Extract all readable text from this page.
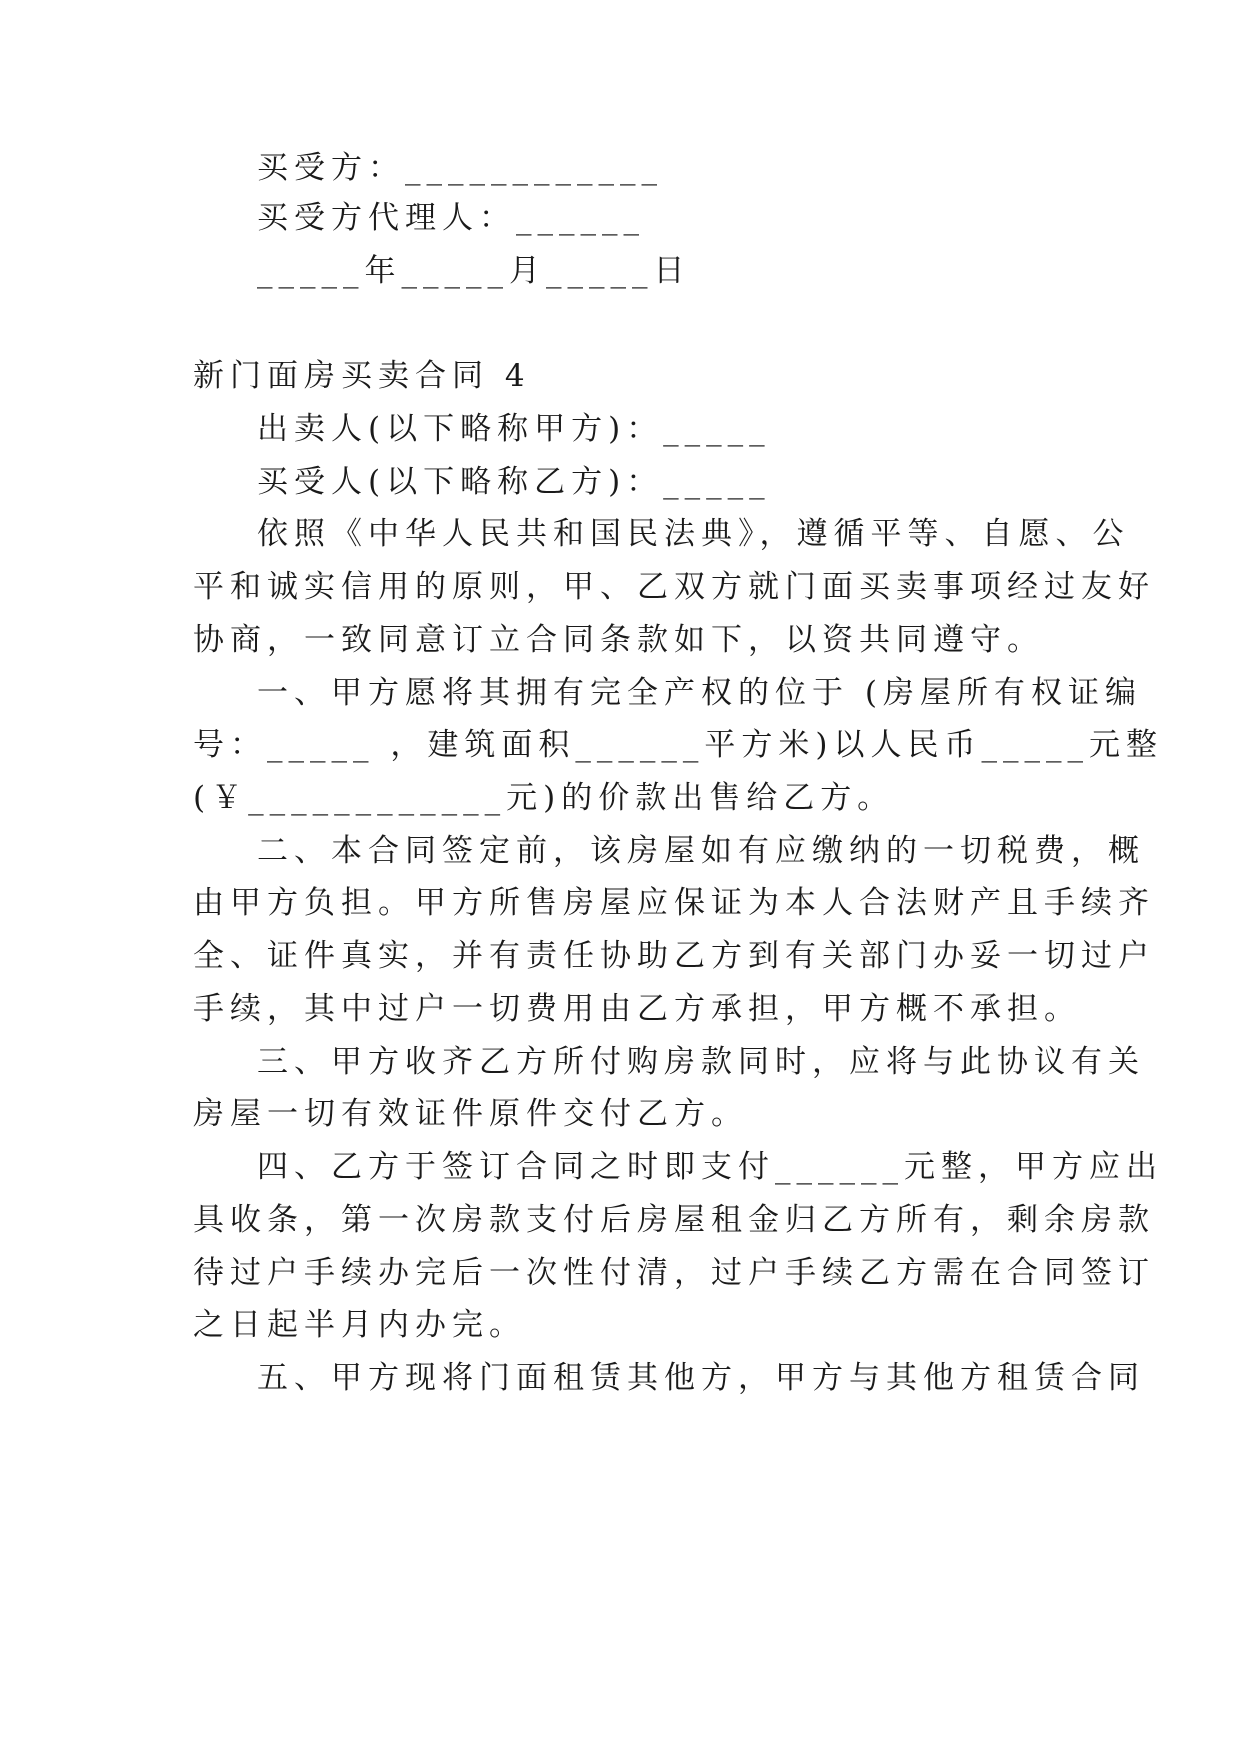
买受方：____________
买受方代理人：______
_____年_____月_____日
新门面房买卖合同 4
出卖人(以下略称甲方)：_____
买受人(以下略称乙方)：_____
依照《中华人民共和国民法典》，遵循平等、自愿、公
平和诚实信用的原则，甲、乙双方就门面买卖事项经过友好
协商，一致同意订立合同条款如下，以资共同遵守。
一、甲方愿将其拥有完全产权的位于 (房屋所有权证编
号：_____ ，建筑面积______平方米)以人民币_____元整
(￥____________元)的价款出售给乙方。
二、本合同签定前，该房屋如有应缴纳的一切税费，概
由甲方负担。甲方所售房屋应保证为本人合法财产且手续齐
全、证件真实，并有责任协助乙方到有关部门办妥一切过户
手续，其中过户一切费用由乙方承担，甲方概不承担。
三、甲方收齐乙方所付购房款同时，应将与此协议有关
房屋一切有效证件原件交付乙方。
四、乙方于签订合同之时即支付______元整，甲方应出
具收条，第一次房款支付后房屋租金归乙方所有，剩余房款
待过户手续办完后一次性付清，过户手续乙方需在合同签订
之日起半月内办完。
五、甲方现将门面租赁其他方，甲方与其他方租赁合同
